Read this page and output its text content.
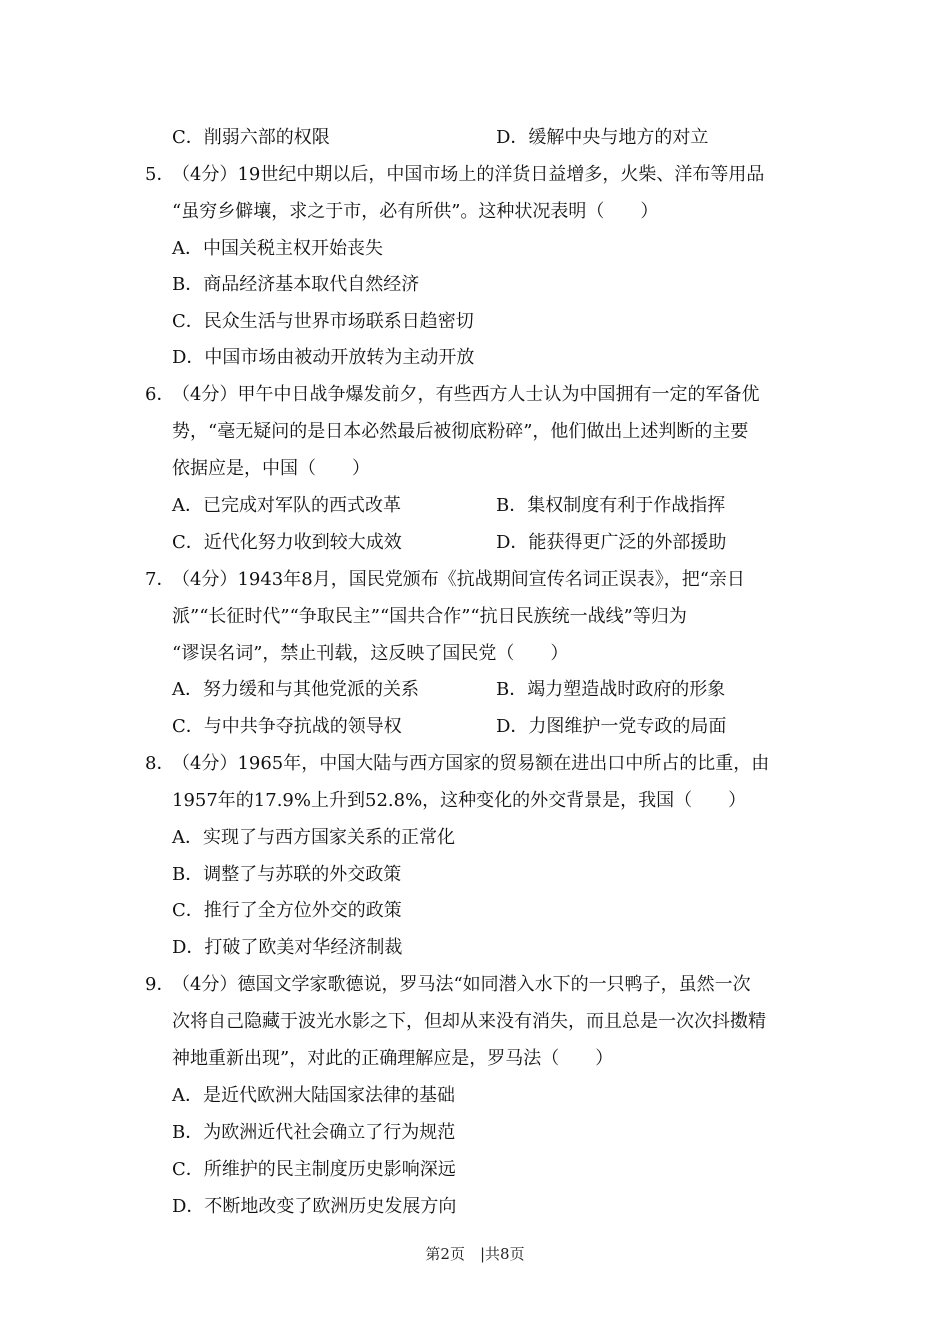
C．削弱六部的权限	D．缓解中央与地方的对立
5．
（4分）19世纪中期以后，中国市场上的洋货日益增多，火柴、洋布等用品
“虽穷乡僻壤，求之于市，必有所供”。这种状况表明（　　）
A．中国关税主权开始丧失
B．商品经济基本取代自然经济
C．民众生活与世界市场联系日趋密切
D．中国市场由被动开放转为主动开放
6．
（4分）甲午中日战争爆发前夕，有些西方人士认为中国拥有一定的军备优
势，“毫无疑问的是日本必然最后被彻底粉碎”，他们做出上述判断的主要
依据应是，中国（　　）
A．已完成对军队的西式改革	B．集权制度有利于作战指挥
C．近代化努力收到较大成效	D．能获得更广泛的外部援助
7．
（4分）1943年8月，国民党颁布《抗战期间宣传名词正误表》，把“亲日
派”“长征时代”“争取民主”“国共合作”“抗日民族统一战线”等归为
“谬误名词”，禁止刊载，这反映了国民党（　　）
A．努力缓和与其他党派的关系	B．竭力塑造战时政府的形象
C．与中共争夺抗战的领导权	D．力图维护一党专政的局面
8．
（4分）1965年，中国大陆与西方国家的贸易额在进出口中所占的比重，由
1957年的17.9%上升到52.8%，这种变化的外交背景是，我国（　　）
A．实现了与西方国家关系的正常化
B．调整了与苏联的外交政策
C．推行了全方位外交的政策
D．打破了欧美对华经济制裁
9．
（4分）德国文学家歌德说，罗马法“如同潜入水下的一只鸭子，虽然一次
次将自己隐藏于波光水影之下，但却从来没有消失，而且总是一次次抖擞精
神地重新出现”，对此的正确理解应是，罗马法（　　）
A．是近代欧洲大陆国家法律的基础
B．为欧洲近代社会确立了行为规范
C．所维护的民主制度历史影响深远
D．不断地改变了欧洲历史发展方向
第2页　|共8页
